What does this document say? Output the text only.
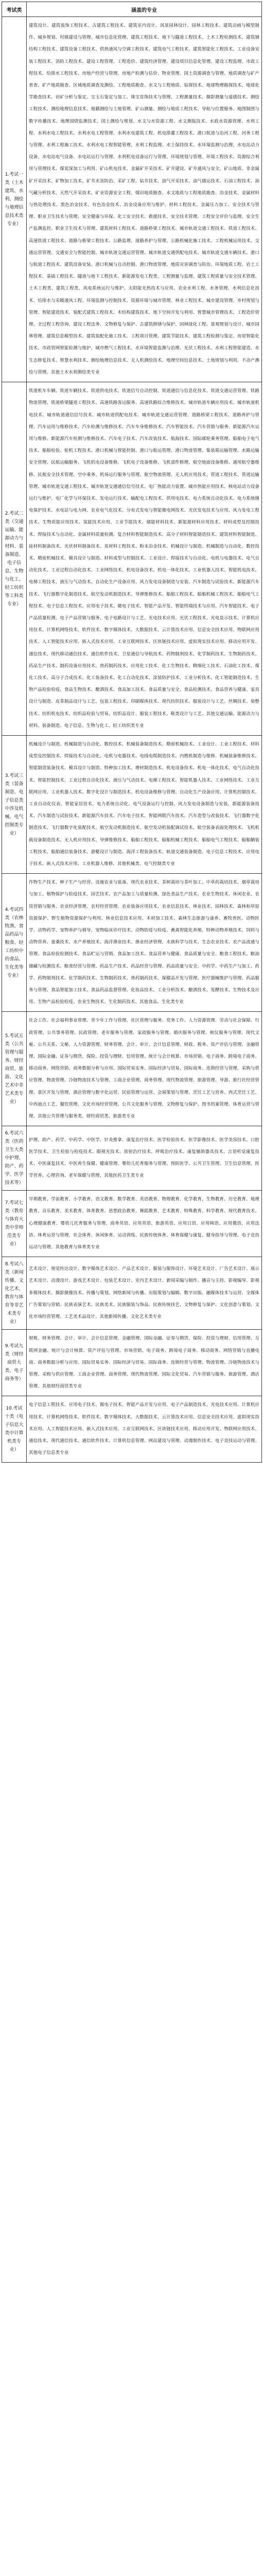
考试类	涵盖的专业
1.考试一类（土木建筑、水利、测绘与地理信息技术类专业）	建筑设计、建筑装饰工程技术、古建筑工程技术、建筑室内设计、风景园林设计、园林工程技术、建筑动画与模型制作、城乡规划、村镇建设与管理、城市信息化管理、建筑工程技术、地下与隧道工程技术、土木工程检测技术、建筑钢结构工程技术、建筑设备工程技术、供热通风与空调工程技术、建筑电气工程技术、建筑智能化工程技术、工业设备安装工程技术、消防工程技术、建设工程管理、工程造价、建筑经济管理、建设项目信息化管理、建设工程监理、市政工程技术、给排水工程技术、房地产经营与管理、房地产检测与估价、物业管理、国土资源调查与管理、地质调查与矿产普查、矿产地质勘查、区域地质调查及测绘、工程地质勘查、水文与工程地质、钻探技术、地球物理勘探技术、地球化学勘查技术、岩矿分析与鉴定、宝玉石鉴定与加工、珠宝首饰技术与管理、工程测量技术、摄影测量与遥感技术、测绘工程技术、测绘地理信息技术、地籍测绘与土地管理、矿山测量、测绘与地质工程技术、导航与位置服务、地图制图与数字传播技术、地理国情监测技术、国土测绘与规划、水文与水资源工程、水文测报技术、水政水资源管理、水利工程、水利水电工程技术、水利水电工程管理、水利水电建筑工程、机电排灌工程技术、港口航道与治河工程、河务工程与管理、水利工程施工技术、水利水电工程智能管理、水利工程监理、水土保持技术、水环境监测与治理、水电站动力设备、水电站电气设备、水电站运行与管理、水利机电设备运行与管理、环境规划与管理、环境工程技术、资源综合利用与管理技术、煤炭深加工与利用、矿山机电技术、金属矿开采技术、矿井建设、矿井通风与安全、矿山地质、非金属矿开采技术、矿物加工技术、矿井水害防治、采矿工程、钻井技术、油气开采技术、油气储运技术、石油工程技术、油气藏分析技术、天然气开采技术、矿业资源安全工程、煤田地质勘查、水文地质与工程地质勘查、冶金技术、金属材料与热处理技术、黑色冶金技术、有色冶金技术、冶金设备应用与维护、材料工程技术、金属压力加工、安全技术与管理、职业卫生技术与管理、安全健康与环保、化工安全技术、救援技术、安全技术管理、工程安全评价与监理、安全生产监测监控、职业卫生技术与管理、建筑材料工程技术、道路桥梁工程技术、城市轨道交通工程技术、铁道工程技术、高速铁道工程技术、道路与桥梁工程技术、公路监理、道路养护与管理、公路机械化施工技术、工程机械运用技术、交通运营管理、交通安全与智能控制、城市轨道交通运营管理、城市轨道交通供配电技术、城市轨道交通车辆技术、港口与航道工程技术、建筑设备安装、港口机械与自动控制、港口物流管理、地质灾害调查与防治、环境地质工程、岩土工程技术、基础工程技术、隧道与地下工程技术、新能源发电工程类、工程测量与监理、建筑工程质量与安全技术管理、土木工程类、建筑工程类、风电系统运行与维护、太阳能光热技术与应用、农业水利工程、水务管理、水利信息化技术、给排水与采暖通风工程、环境监测与控制技术、资源环境与城市管理、林业工程技术、城市建设管理、乡村规划与管理、智能建造技术、装配式建筑工程技术、木结构建筑技术、地下空间开发与利用、智慧城市管理技术、工程造价管理、全过程工程咨询、建设工程法务、文物修复与保护、古建筑修缮与保护、园林绿化工程、景观规划与设计、城市园林管理、建筑信息模型技术、建筑装配化施工技术、工程项目管理、建筑节能技术、建筑工程检测与鉴定、房屋智能化技术、市政管网智能检测与维护、城市燃气工程技术、水环境智能监测与治理、光伏工程技术、水利工程智能建造、水生态修复技术、智慧水利技术、测绘地理信息技术、无人机测绘技术、地理空间信息技术、土地规划与利用、不动产测绘与管理、其他土木水利测绘类专业
2.考试二类（交通运输、能源动力与材料、装备制造、电子信息、生物与化工、轻工纺织等工科类专业）	铁道机车车辆、铁道车辆技术、铁道供电技术、铁道信号自动控制、铁道通信与信息化技术、铁道交通运营管理、铁路物流管理、铁道桥梁隧道工程技术、高速铁路客运服务、高速铁路综合维修技术、城市轨道车辆应用技术、城市轨道机电技术、城市轨道通信信号技术、城市轨道供配电技术、城市轨道交通运营管理、道路桥梁工程技术、道路养护与管理、汽车运用与维修技术、汽车检测与维修技术、汽车车身维修技术、汽车智能技术、汽车营销与服务、新能源汽车运用与维修、新能源汽车检测与维修技术、汽车电子技术、汽车改装技术、航海技术、国际邮轮乘务管理、船舶电子电气技术、船舶检验、轮机工程技术、港口机械与智能控制、港口与航运管理、港口物流管理、集装箱运输管理、水路运输安全管理、民航运输服务、飞机机电设备维修、飞机电子设备维修、飞机部件修理、航空地面设备维修、通用航空器维修、民航安全技术管理、空中乘务、机场运行服务与管理、航空物流管理、无人机应用技术、管道工程技术、管道运输管理、城市轨道交通工程技术、城市轨道交通通信信号技术、电厂热能动力装置、城市热能应用技术、核电站动力设备运行与维护、电厂化学与环保技术、发电运行技术、输配电工程技术、供用电技术、电力系统自动化技术、电力系统继电保护技术、水电站与电力网、农业电气化技术、分布式发电与智能微电网技术、光伏发电技术与应用、风力发电工程技术、生物质能应用技术、氢能技术应用、工业节能技术、储能材料技术、新能源材料应用技术、材料成型及控制技术、焊接技术与自动化、金属材料质量检测、复合材料智能制造技术、高分子材料智能制造技术、建筑材料智能制造、硅材料制备技术、光伏材料制备技术、炭材料工程技术、粉末冶金技术、机械设计与制造、机械制造与自动化、数控技术、精密机械技术、模具设计与制造、材料成型与控制技术、工业设计、焊接技术与自动化、电机与电器技术、电气自动化技术、工业过程自动化技术、工业网络技术、机电设备技术、机电一体化技术、工业机器人技术、智能机电技术、电梯工程技术、液压与气动技术、自动化生产设备应用、风力发电设备制造与安装、汽车制造与试验技术、新能源汽车技术、飞行器数字化制造技术、航空发动机制造技术、导弹维修技术、船舶工程技术、船舶机械工程技术、船舶电气工程技术、电子信息工程技术、应用电子技术、微电子技术、智能产品开发、智能终端技术与应用、汽车智能技术、电子产品质量检测、电子产品营销与服务、电子电路设计与工艺、光电技术应用、光伏工程技术、光电显示技术、计算机应用技术、计算机网络技术、软件技术、数字媒体技术、大数据技术、云计算技术应用、信息安全技术应用、物联网应用技术、人工智能技术应用、嵌入式技术应用、工业互联网技术、区块链技术应用、虚拟现实技术应用、移动应用开发、通信技术、现代移动通信技术、通信软件技术、卫星通信与导航技术、药物制剂技术、化学制药技术、生物制药技术、药品生产技术、制药设备应用技术、兽药制药技术、应用化工技术、化工生物技术、精细化工技术、石油化工技术、煤化工技术、高分子合成技术、化工装备技术、化工自动化技术、涂装防护技术、工业分析技术、化工智能制造技术、生物产品检验检疫、食品生物技术、酿酒技术、食品加工技术、食品质量与安全、食品检测技术、食品营养与健康、家具设计与制造、皮革制品设计与工艺、包装工程技术、印刷媒体技术、现代纺织技术、服装设计与工艺、丝绸技术、染整技术、纺织机电技术、纺织品检验与贸易、纺织品设计、服装工程技术、鞋类设计与工艺、其他交通运输、能源动力与材料、装备制造、电子信息、生物与化工、轻工纺织类专业
3.考试三类（装备制造、电子信息类中涉及机械、电气控制类专业）	机械设计与制造、机械制造与自动化、数控技术、机械装备制造技术、精密机械技术、工业设计、工业工程技术、材料成型及控制技术、焊接技术与自动化、电机与电器技术、电线电缆制造技术、内燃机制造与维修、机械装备维修技术、智能制造装备技术、模具设计与制造、特种加工技术、增材制造技术、机电设备技术、机电一体化技术、电气自动化技术、智能控制技术、工业过程自动化技术、液压与气动技术、电梯工程技术、智能机器人技术、工业网络技术、工业互联网应用、工业机器人技术、数字化设计与制造技术、机电设备维修与管理、自动化生产设备应用、计算机控制技术、工业自动化仪表、智能家居技术、电力系统自动化、电气设备运行与控制、风力发电设备制造与安装、新能源装备技术、汽车制造与试验技术、新能源汽车技术、汽车电子技术、智能网联汽车技术、汽车造型与改装技术、飞行器数字化制造技术、飞行器数字化装配技术、航空发动机制造技术、航空发动机装配调试技术、航空装备表面处理技术、飞机机载设备制造技术、无人机应用技术、导弹维修技术、船舶工程技术、船舶机械工程技术、船舶电气工程技术、船舶舾装工程技术、船舶通信装备技术、游艇设计与制造、海洋工程装备技术、轨道交通装备制造、电子信息工程技术、应用电子技术、嵌入式技术应用、工业机器人维修、其他机械类、电气控制类专业
4.考试四类（农林牧渔、食品药品与粮食、轻工纺织中的食品、生化类等专业）	作物生产技术、种子生产与经营、设施农业与装备、现代农业技术、茶树栽培与茶叶加工、中草药栽培技术、烟草栽培与加工、植物保护与检疫技术、园艺技术、农产品加工与质量检测、绿色食品生产技术、农业生物技术、休闲农业、农资营销与服务、农业经济管理、农村经营管理、农业装备应用技术、农业信息技术、林业技术、园林技术、森林和草原资源保护、野生植物资源保护与利用、林业信息技术应用、木材加工技术、森林生态旅游与康养、畜牧兽医、动物医学、动物药学、宠物养护与驯导、宠物临床诊疗技术、动物防疫与检疫、畜禽智能化养殖、特种动物养殖技术、饲料与动物营养、蚕桑技术、水产养殖技术、海洋渔业技术、渔业经济管理、水族科学与技术、生态农业技术、农产品流通与管理、食品检验检测技术、食品贮运与营销、食品加工技术、食品营养与健康、食品质量与安全、粮食工程技术、粮油储藏与检测技术、粮食经营与管理、药品生产技术、药品经营与管理、药品质量与安全、中药学、中药生产与加工、药学、药物制剂技术、化学制药技术、生物制药技术、兽药制药技术、保健品开发与管理、医疗器械维护与管理、药品服务与管理、食品智能加工技术、食品药品监督管理、化妆品技术、工业分析技术、酿酒技术、发酵技术、生物技术及应用、生物产品检验检疫、农业生物技术、生化制药技术、其他食品、生化类专业
5.考试五类（公共管理与服务、财经商贸、旅游、文化艺术中非艺术类专业）	社会工作、社会福利事业管理、青少年工作与管理、社区管理与服务、党务工作、人力资源管理、劳动与社会保障、行政管理、公共事务管理、民政管理、老年服务与管理、家政服务与管理、婚庆服务与管理、殡仪服务与管理、现代文秘、公共关系、文秘、人力资源管理、财务管理、会计、审计、会计信息管理、财政、税务、资产评估与管理、金融管理、国际金融、证券与期货、保险、投资与理财、信用管理、统计与会计核算、市场营销、电子商务、跨境电子商务、移动商务、网络营销、商务数据分析与应用、国际贸易实务、国际经济与贸易、国际商务、连锁经营与管理、采购与供应管理、物流管理、冷链物流技术与管理、工商企业管理、商务管理、现代物流管理、旅游管理、导游、旅行社经营管理、景区开发与管理、酒店管理与数字化运营、民宿管理与运营、会展策划与管理、烹饪工艺与营养、西式烹饪工艺、中西面点工艺、餐饮管理、文化市场经营管理、公共文化服务与管理、文物修复与保护、图书档案管理、体育运营与管理、其他公共管理与服务类、财经商贸类、旅游类专业
6.考试六类（医药卫生大类中护理、助产、药学、医学技术等）	护理、助产、药学、中药学、中医学、针灸推拿、康复治疗技术、医学检验技术、医学影像技术、医学美容技术、口腔医学技术、卫生检验与检疫技术、眼视光技术、放射治疗技术、呼吸治疗技术、康复辅助器具技术、言语听觉康复技术、中医康复技术、中医养生保健、健康管理、婴幼儿托育服务与管理、预防医学、公共卫生管理、卫生信息管理、医学营养、心理咨询、老年保健与管理、其他医药卫生类专业
7.考试七类（教育与体育大类中非师范类专业）	早期教育、学前教育、小学教育、语文教育、数学教育、英语教育、物理教育、化学教育、生物教育、历史教育、地理教育、音乐教育、美术教育、体育教育、思想政治教育、舞蹈教育、艺术教育、特殊教育、科学教育、现代教育技术、心理健康教育、婴幼儿托育服务与管理、商务英语、应用英语、旅游英语、应用日语、应用韩语、应用俄语、应用法语、体育运营与管理、社会体育、休闲体育、运动训练、民族传统体育、体育保健与康复、健身指导与管理、电子竞技运动与管理、其他教育与体育类专业
8.考试八类（新闻传播、文化艺术、教育与体育等非艺术类专业）	艺术设计、视觉传达设计、数字媒体艺术设计、产品艺术设计、服装与服饰设计、环境艺术设计、广告艺术设计、展示艺术设计、动漫设计、游戏艺术设计、包装艺术设计、室内艺术设计、新闻采编与制作、播音与主持、影视编导、影视多媒体技术、摄影摄像技术、传播与策划、网络新闻与传播、出版策划与编辑、数字出版、融媒体技术与运营、全媒体广告策划与营销、民族表演艺术、民族美术、民族服装与饰品、民族传统技艺、文物修复与保护、文化创意与策划、文化市场经营管理、工艺美术品设计、其他新闻传播、文化艺术类专业
9.考试九类（财经商贸大类、电子商务等）	财税、财务管理、会计、审计、会计信息管理、金融管理、国际金融、证券与期货、保险、投资与理财、信用管理、互联网金融、统计与会计核算、资产评估与管理、市场营销、电子商务、跨境电子商务、移动商务、网络营销与直播电商、商务数据分析与应用、国际贸易实务、国际经济与贸易、国际商务、连锁经营与管理、物流管理、冷链物流技术与管理、采购与供应管理、工商企业管理、商务管理、现代物流管理、国际文化贸易、汽车营销与服务、旅游管理、酒店管理、其他财经商贸类专业
10.考试十类（电子信息大类中计算机类专业）	电子信息工程技术、应用电子技术、微电子技术、智能产品开发与应用、电子产品制造技术、光电技术应用、计算机应用技术、计算机网络技术、软件技术、数字媒体技术、大数据技术、云计算技术应用、信息安全技术应用、虚拟现实技术应用、人工智能技术应用、嵌入式技术应用、工业互联网技术、区块链技术应用、移动应用开发、物联网应用技术、通信技术、现代通信技术、通信软件技术、计算机信息管理、网站建设与管理、动漫制作技术、电子竞技运动与管理、其他电子信息类专业
